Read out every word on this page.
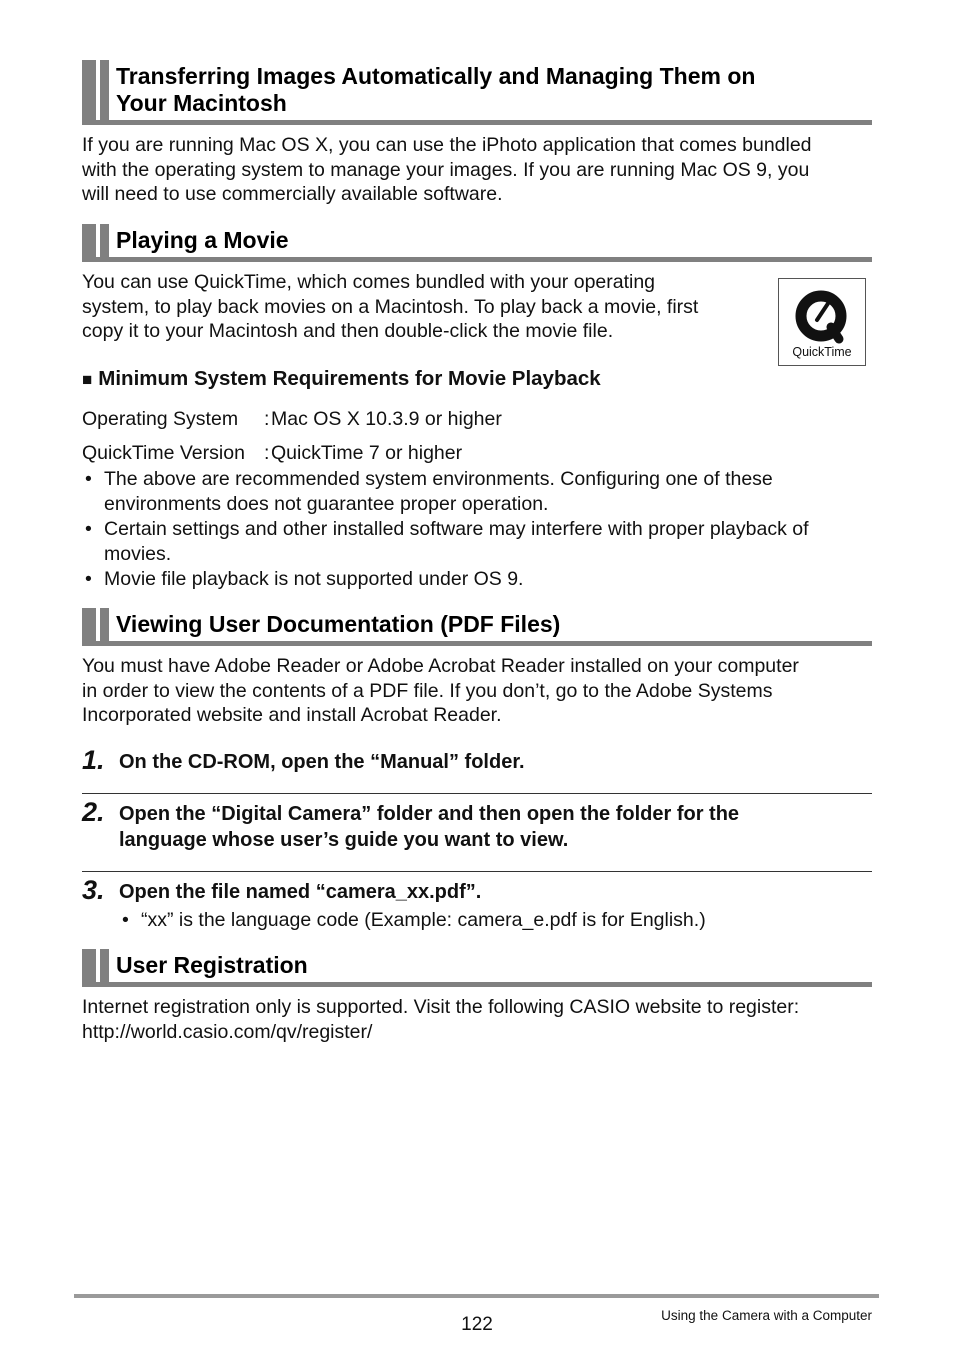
Transferring Images Automatically and Managing Them on
Your Macintosh
If you are running Mac OS X, you can use the iPhoto application that comes bundled
with the operating system to manage your images. If you are running Mac OS 9, you
will need to use commercially available software.
Playing a Movie
You can use QuickTime, which comes bundled with your operating
system, to play back movies on a Macintosh. To play back a movie, first
copy it to your Macintosh and then double-click the movie file.
QuickTime
■ Minimum System Requirements for Movie Playback
Operating System : Mac OS X 10.3.9 or higher
QuickTime Version : QuickTime 7 or higher
• The above are recommended system environments. Configuring one of these
environments does not guarantee proper operation.
• Certain settings and other installed software may interfere with proper playback of
movies.
• Movie file playback is not supported under OS 9.
Viewing User Documentation (PDF Files)
You must have Adobe Reader or Adobe Acrobat Reader installed on your computer
in order to view the contents of a PDF file. If you don’t, go to the Adobe Systems
Incorporated website and install Acrobat Reader.
1. On the CD-ROM, open the “Manual” folder.
2. Open the “Digital Camera” folder and then open the folder for the
language whose user’s guide you want to view.
3. Open the file named “camera_xx.pdf”.
• “xx” is the language code (Example: camera_e.pdf is for English.)
User Registration
Internet registration only is supported. Visit the following CASIO website to register:
http://world.casio.com/qv/register/
122	Using the Camera with a Computer
